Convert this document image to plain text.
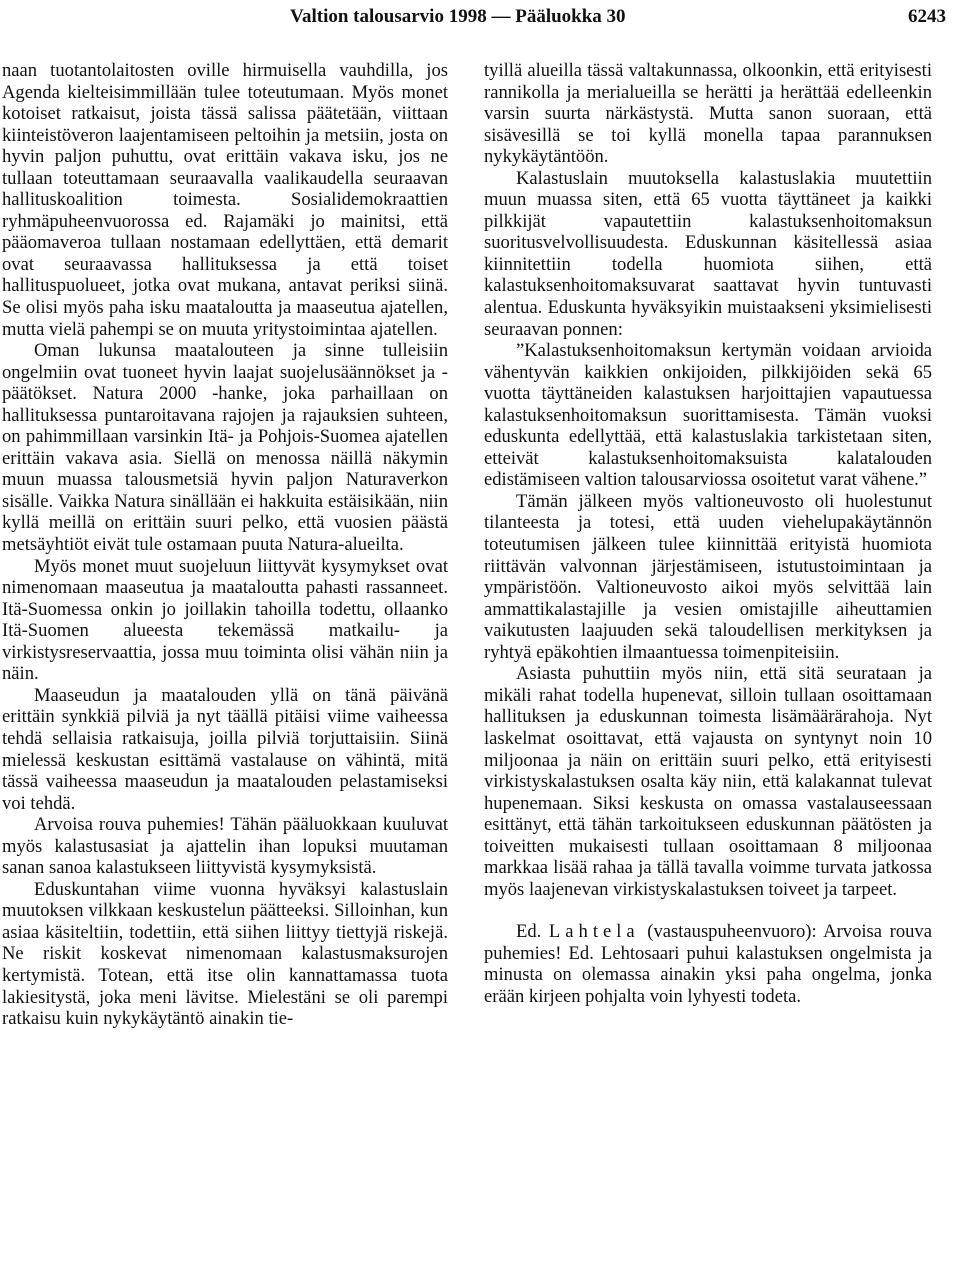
Valtion talousarvio 1998 — Pääluokka 30	6243

naan tuotantolaitosten oville hirmuisella vauhdilla, jos Agenda kielteisimmillään tulee toteutumaan. Myös monet kotoiset ratkaisut, joista tässä salissa päätetään, viittaan kiinteistöveron laajentamiseen peltoihin ja metsiin, josta on hyvin paljon puhuttu, ovat erittäin vakava isku, jos ne tullaan toteuttamaan seuraavalla vaalikaudella seuraavan hallituskoalition toimesta. Sosialidemokraattien ryhmäpuheenvuorossa ed. Rajamäki jo mainitsi, että pääomaveroa tullaan nostamaan edellyttäen, että demarit ovat seuraavassa hallituksessa ja että toiset hallituspuolueet, jotka ovat mukana, antavat periksi siinä. Se olisi myös paha isku maataloutta ja maaseutua ajatellen, mutta vielä pahempi se on muuta yritystoimintaa ajatellen.

Oman lukunsa maatalouteen ja sinne tulleisiin ongelmiin ovat tuoneet hyvin laajat suojelusäännökset ja -päätökset. Natura 2000 -hanke, joka parhaillaan on hallituksessa puntaroitavana rajojen ja rajauksien suhteen, on pahimmillaan varsinkin Itä- ja Pohjois-Suomea ajatellen erittäin vakava asia. Siellä on menossa näillä näkymin muun muassa talousmetsiä hyvin paljon Naturaverkon sisälle. Vaikka Natura sinällään ei hakkuita estäisikään, niin kyllä meillä on erittäin suuri pelko, että vuosien päästä metsäyhtiöt eivät tule ostamaan puuta Natura-alueilta.

Myös monet muut suojeluun liittyvät kysymykset ovat nimenomaan maaseutua ja maataloutta pahasti rassanneet. Itä-Suomessa onkin jo joillakin tahoilla todettu, ollaanko Itä-Suomen alueesta tekemässä matkailu- ja virkistysreservaattia, jossa muu toiminta olisi vähän niin ja näin.

Maaseudun ja maatalouden yllä on tänä päivänä erittäin synkkiä pilviä ja nyt täällä pitäisi viime vaiheessa tehdä sellaisia ratkaisuja, joilla pilviä torjuttaisiin. Siinä mielessä keskustan esittämä vastalause on vähintä, mitä tässä vaiheessa maaseudun ja maatalouden pelastamiseksi voi tehdä.

Arvoisa rouva puhemies! Tähän pääluokkaan kuuluvat myös kalastusasiat ja ajattelin ihan lopuksi muutaman sanan sanoa kalastukseen liittyvistä kysymyksistä.

Eduskuntahan viime vuonna hyväksyi kalastuslain muutoksen vilkkaan keskustelun päätteeksi. Silloinhan, kun asiaa käsiteltiin, todettiin, että siihen liittyy tiettyjä riskejä. Ne riskit koskevat nimenomaan kalastusmaksurojen kertymistä. Totean, että itse olin kannattamassa tuota lakiesitystä, joka meni lävitse. Mielestäni se oli parempi ratkaisu kuin nykykäytäntö ainakin tie-

tyillä alueilla tässä valtakunnassa, olkoonkin, että erityisesti rannikolla ja merialueilla se herätti ja herättää edelleenkin varsin suurta närkästystä. Mutta sanon suoraan, että sisävesillä se toi kyllä monella tapaa parannuksen nykykäytäntöön.

Kalastuslain muutoksella kalastuslakia muutettiin muun muassa siten, että 65 vuotta täyttäneet ja kaikki pilkkijät vapautettiin kalastuksenhoitomaksun suoritusvelvollisuudesta. Eduskunnan käsitellessä asiaa kiinnitettiin todella huomiota siihen, että kalastuksenhoitomaksuvarat saattavat hyvin tuntuvasti alentua. Eduskunta hyväksyikin muistaakseni yksimielisesti seuraavan ponnen:

”Kalastuksenhoitomaksun kertymän voidaan arvioida vähentyvän kaikkien onkijoiden, pilkkijöiden sekä 65 vuotta täyttäneiden kalastuksen harjoittajien vapautuessa kalastuksenhoitomaksun suorittamisesta. Tämän vuoksi eduskunta edellyttää, että kalastuslakia tarkistetaan siten, etteivät kalastuksenhoitomaksuista kalatalouden edistämiseen valtion talousarviossa osoitetut varat vähene.”

Tämän jälkeen myös valtioneuvosto oli huolestunut tilanteesta ja totesi, että uuden viehelupakäytännön toteutumisen jälkeen tulee kiinnittää erityistä huomiota riittävän valvonnan järjestämiseen, istutustoimintaan ja ympäristöön. Valtioneuvosto aikoi myös selvittää lain ammattikalastajille ja vesien omistajille aiheuttamien vaikutusten laajuuden sekä taloudellisen merkityksen ja ryhtyä epäkohtien ilmaantuessa toimenpiteisiin.

Asiasta puhuttiin myös niin, että sitä seurataan ja mikäli rahat todella hupenevat, silloin tullaan osoittamaan hallituksen ja eduskunnan toimesta lisämäärärahoja. Nyt laskelmat osoittavat, että vajausta on syntynyt noin 10 miljoonaa ja näin on erittäin suuri pelko, että erityisesti virkistyskalastuksen osalta käy niin, että kalakannat tulevat hupenemaan. Siksi keskusta on omassa vastalauseessaan esittänyt, että tähän tarkoitukseen eduskunnan päätösten ja toiveitten mukaisesti tullaan osoittamaan 8 miljoonaa markkaa lisää rahaa ja tällä tavalla voimme turvata jatkossa myös laajenevan virkistyskalastuksen toiveet ja tarpeet.

Ed. Lahtela (vastauspuheenvuoro): Arvoisa rouva puhemies! Ed. Lehtosaari puhui kalastuksen ongelmista ja minusta on olemassa ainakin yksi paha ongelma, jonka erään kirjeen pohjalta voin lyhyesti todeta.
